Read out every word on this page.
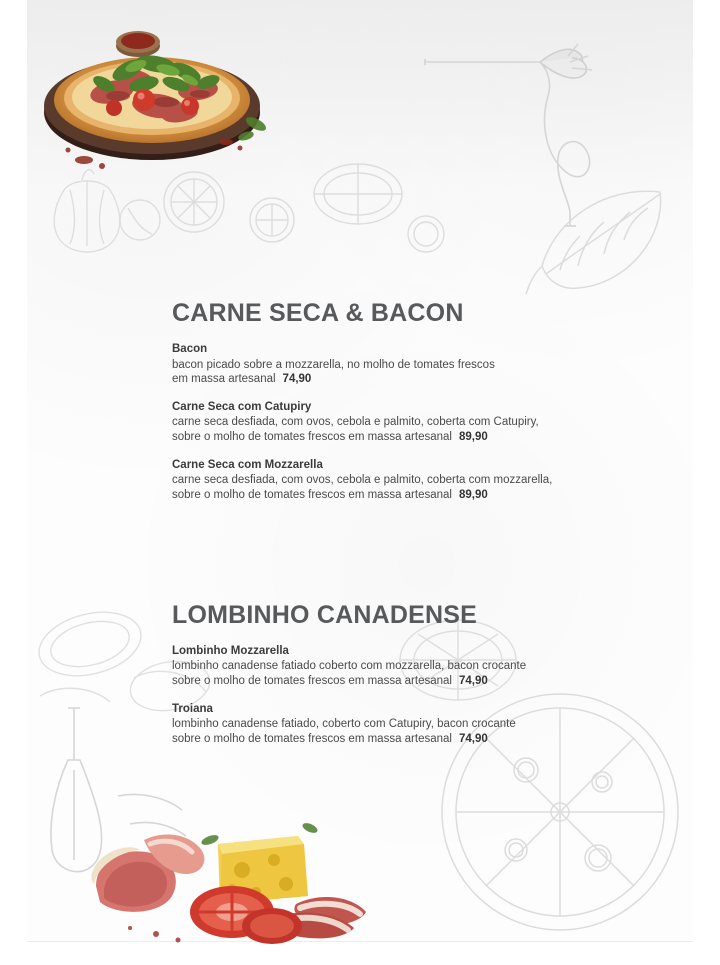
CARNE SECA & BACON
Bacon
bacon picado sobre a mozzarella, no molho de tomates frescos
em massa artesanal 74,90
Carne Seca com Catupiry
carne seca desfiada, com ovos, cebola e palmito, coberta com Catupiry,
sobre o molho de tomates frescos em massa artesanal 89,90
Carne Seca com Mozzarella
carne seca desfiada, com ovos, cebola e palmito, coberta com mozzarella,
sobre o molho de tomates frescos em massa artesanal 89,90
LOMBINHO CANADENSE
Lombinho Mozzarella
lombinho canadense fatiado coberto com mozzarella, bacon crocante
sobre o molho de tomates frescos em massa artesanal 74,90
Troiana
lombinho canadense fatiado, coberto com Catupiry, bacon crocante
sobre o molho de tomates frescos em massa artesanal 74,90
